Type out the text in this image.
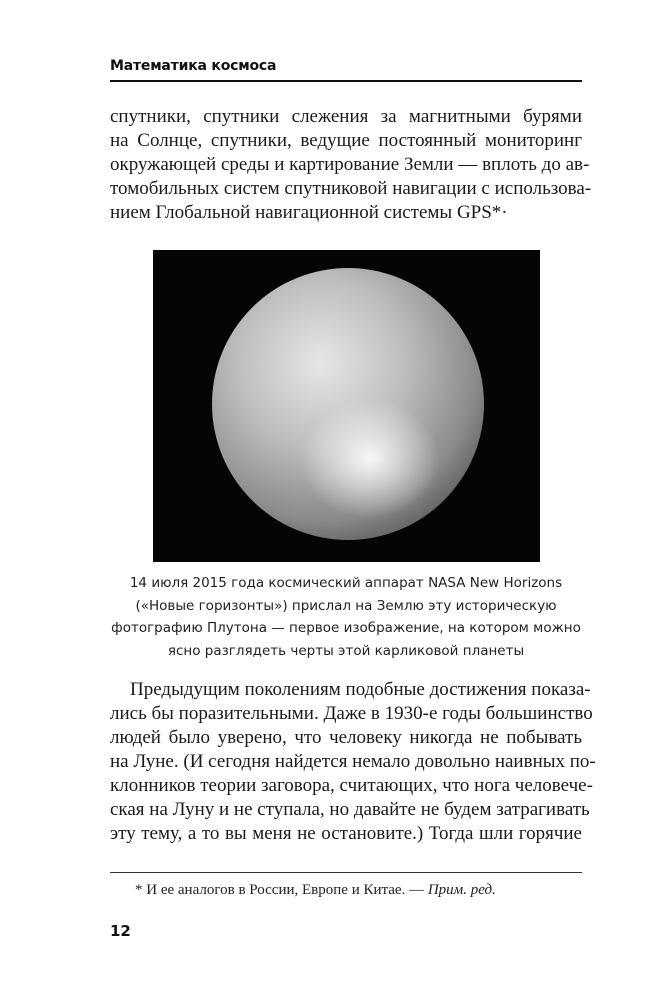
Математика космоса
спутники, спутники слежения за магнитными бурями
на Солнце, спутники, ведущие постоянный мониторинг
окружающей среды и картирование Земли — вплоть до ав-
томобильных систем спутниковой навигации с использова-
нием Глобальной навигационной системы GPS*·
14 июля 2015 года космический аппарат NASA New Horizons
(«Новые горизонты») прислал на Землю эту историческую
фотографию Плутона — первое изображение, на котором можно
ясно разглядеть черты этой карликовой планеты
Предыдущим поколениям подобные достижения показа-
лись бы поразительными. Даже в 1930-е годы большинство
людей было уверено, что человеку никогда не побывать
на Луне. (И сегодня найдется немало довольно наивных по-
клонников теории заговора, считающих, что нога человече-
ская на Луну и не ступала, но давайте не будем затрагивать
эту тему, а то вы меня не остановите.) Тогда шли горячие
* И ее аналогов в России, Европе и Китае. — Прим. ред.
12
